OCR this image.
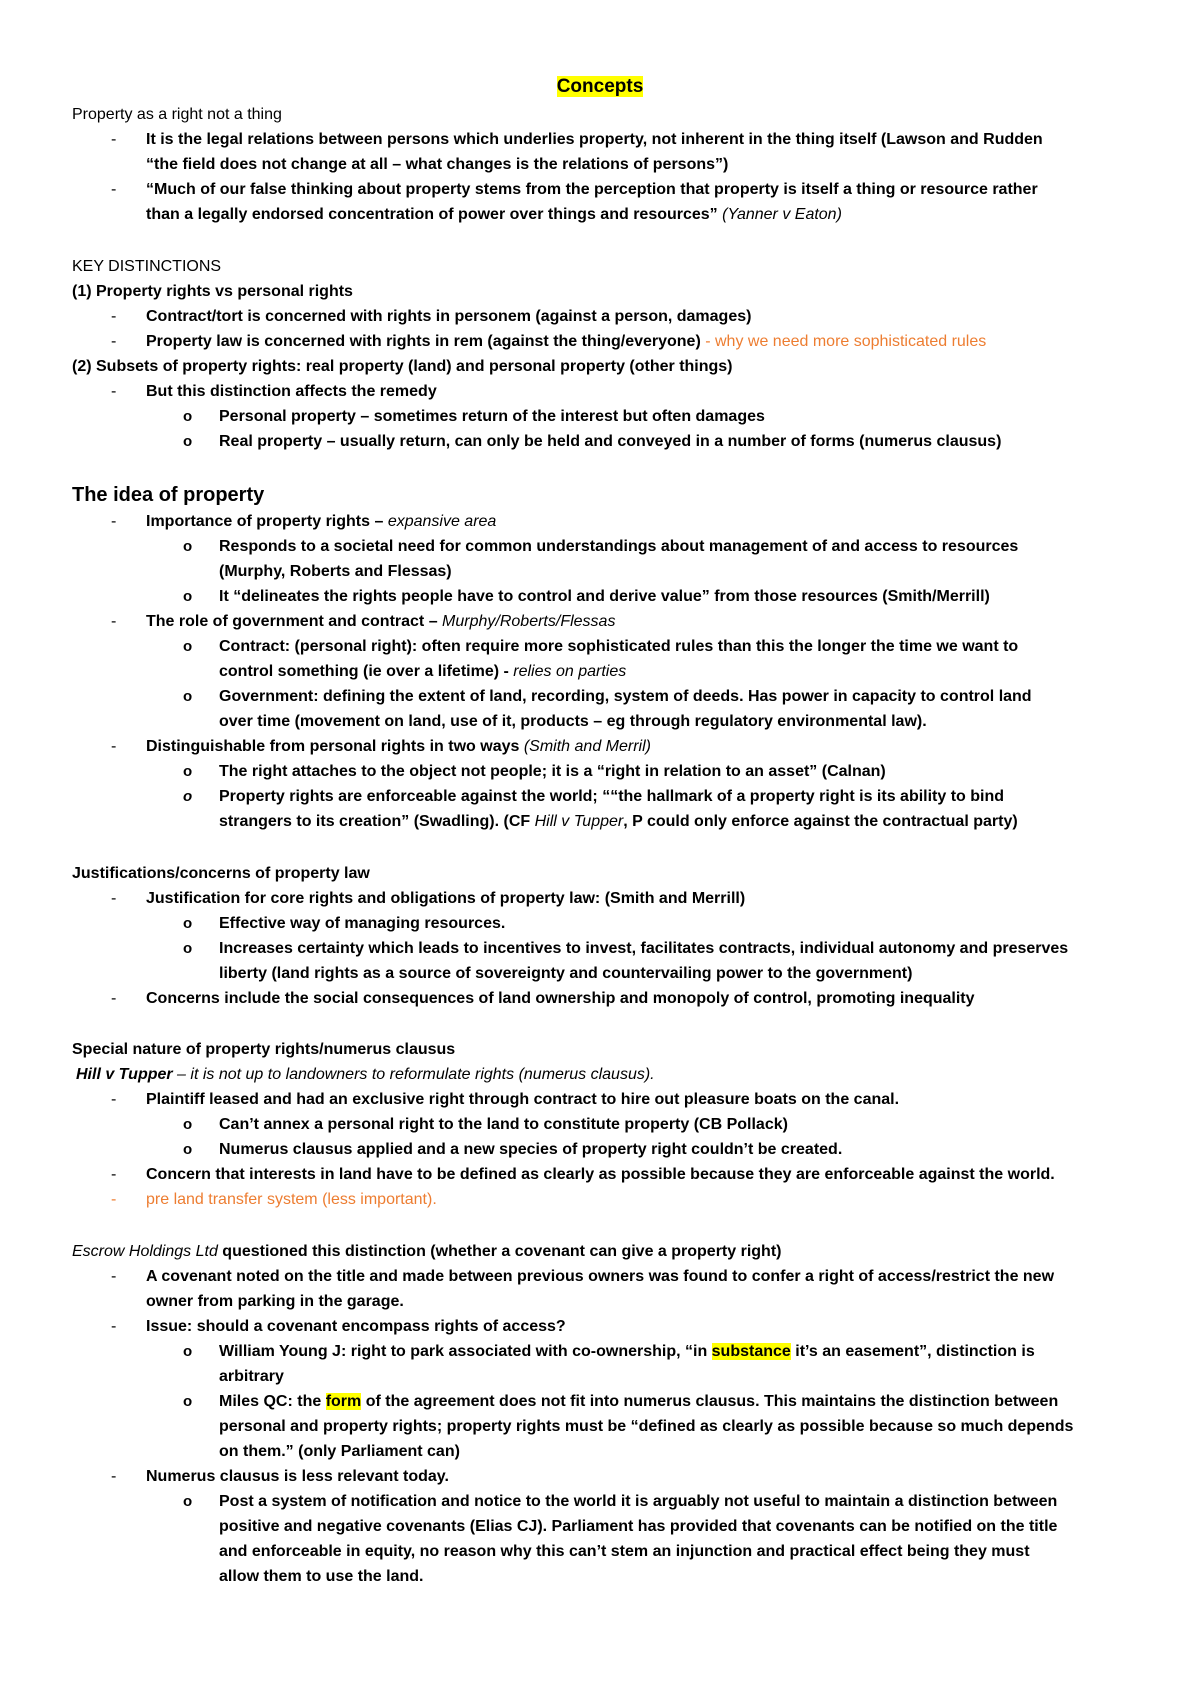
Concepts
Property as a right not a thing
- It is the legal relations between persons which underlies property, not inherent in the thing itself (Lawson and Rudden
“the field does not change at all – what changes is the relations of persons”)
- “Much of our false thinking about property stems from the perception that property is itself a thing or resource rather
than a legally endorsed concentration of power over things and resources” (Yanner v Eaton)
KEY DISTINCTIONS
(1) Property rights vs personal rights
- Contract/tort is concerned with rights in personem (against a person, damages)
- Property law is concerned with rights in rem (against the thing/everyone) - why we need more sophisticated rules
(2) Subsets of property rights: real property (land) and personal property (other things)
- But this distinction affects the remedy
o Personal property – sometimes return of the interest but often damages
o Real property – usually return, can only be held and conveyed in a number of forms (numerus clausus)
The idea of property
- Importance of property rights – expansive area
o Responds to a societal need for common understandings about management of and access to resources
(Murphy, Roberts and Flessas)
o It “delineates the rights people have to control and derive value” from those resources (Smith/Merrill)
- The role of government and contract – Murphy/Roberts/Flessas
o Contract: (personal right): often require more sophisticated rules than this the longer the time we want to
control something (ie over a lifetime) - relies on parties
o Government: defining the extent of land, recording, system of deeds. Has power in capacity to control land
over time (movement on land, use of it, products – eg through regulatory environmental law).
- Distinguishable from personal rights in two ways (Smith and Merril)
o The right attaches to the object not people; it is a “right in relation to an asset” (Calnan)
o Property rights are enforceable against the world; ““the hallmark of a property right is its ability to bind
strangers to its creation” (Swadling). (CF Hill v Tupper, P could only enforce against the contractual party)
Justifications/concerns of property law
- Justification for core rights and obligations of property law: (Smith and Merrill)
o Effective way of managing resources.
o Increases certainty which leads to incentives to invest, facilitates contracts, individual autonomy and preserves
liberty (land rights as a source of sovereignty and countervailing power to the government)
- Concerns include the social consequences of land ownership and monopoly of control, promoting inequality
Special nature of property rights/numerus clausus
Hill v Tupper – it is not up to landowners to reformulate rights (numerus clausus).
- Plaintiff leased and had an exclusive right through contract to hire out pleasure boats on the canal.
o Can’t annex a personal right to the land to constitute property (CB Pollack)
o Numerus clausus applied and a new species of property right couldn’t be created.
- Concern that interests in land have to be defined as clearly as possible because they are enforceable against the world.
- pre land transfer system (less important).
Escrow Holdings Ltd questioned this distinction (whether a covenant can give a property right)
- A covenant noted on the title and made between previous owners was found to confer a right of access/restrict the new
owner from parking in the garage.
- Issue: should a covenant encompass rights of access?
o William Young J: right to park associated with co-ownership, “in substance it’s an easement”, distinction is
arbitrary
o Miles QC: the form of the agreement does not fit into numerus clausus. This maintains the distinction between
personal and property rights; property rights must be “defined as clearly as possible because so much depends
on them.” (only Parliament can)
- Numerus clausus is less relevant today.
o Post a system of notification and notice to the world it is arguably not useful to maintain a distinction between
positive and negative covenants (Elias CJ). Parliament has provided that covenants can be notified on the title
and enforceable in equity, no reason why this can’t stem an injunction and practical effect being they must
allow them to use the land.
